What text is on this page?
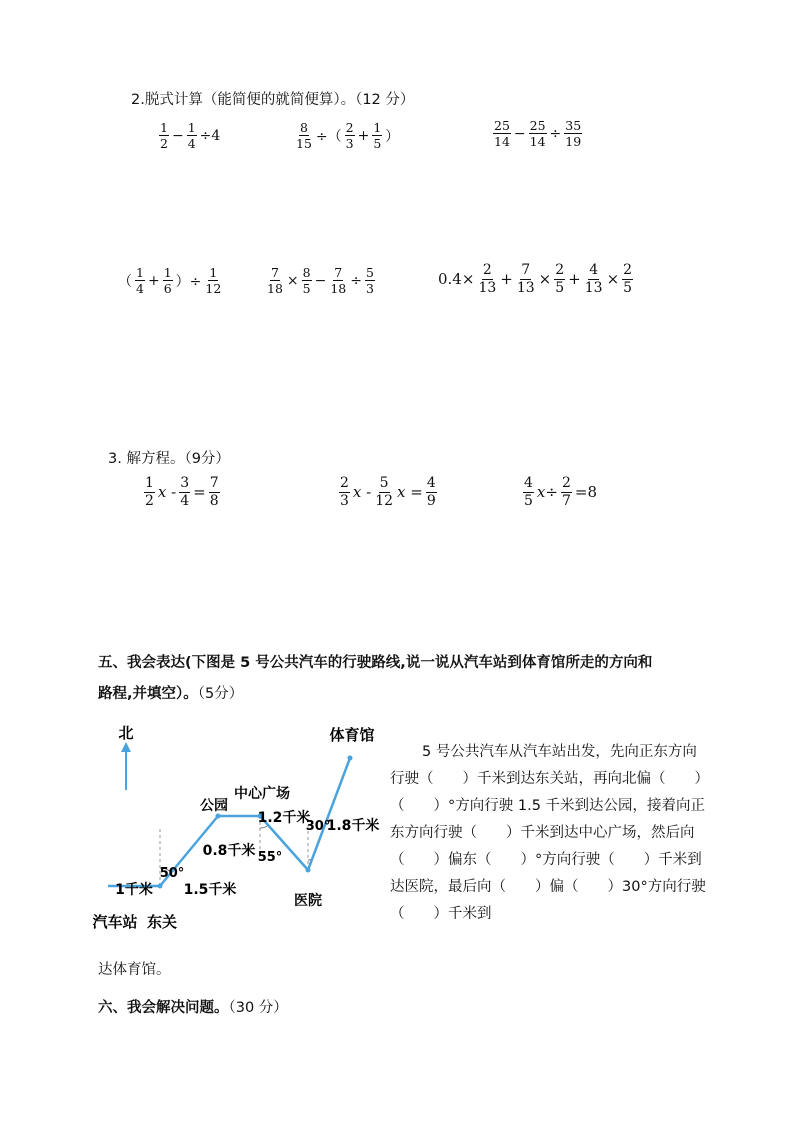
2.脱式计算（能简便的就简便算）。（12 分）
$\frac{1}{2} - \frac{1}{4} \div 4$	$\frac{8}{15}$ ÷（ $\frac{2}{3} + \frac{1}{5}$ ）	$\frac{25}{14} - \frac{25}{14} \div \frac{35}{19}$
（ $\frac{1}{4} + \frac{1}{6}$ ）÷ $\frac{1}{12}$	$\frac{7}{18} \times \frac{8}{5} - \frac{7}{18} \div \frac{5}{3}$	$0.4\times \frac{2}{13} + \frac{7}{13} \times \frac{2}{5} + \frac{4}{13} \times \frac{2}{5}$
3. 解方程。（9分）
$\frac{1}{2}$ $x - \frac{3}{4} = \frac{7}{8}$	$\frac{2}{3}$ x - $\frac{5}{12}$ $x = \frac{4}{9}$	$\frac{4}{5} x\div \frac{2}{7} =8$
五、我会表达(下图是 5 号公共汽车的行驶路线,说一说从汽车站到体育馆所走的方向和
路程,并填空）。（5分）
北	体育馆
中心广场
公园
医院
汽车站 东关
1千米 1.5千米
0.8千米
1.2千米 1.8千米
50°
55°
30°
5 号公共汽车从汽车站出发，先向正东方向行驶（　　）千米到达东关站，再向北偏（　　）（　　）°方向行驶 1.5 千米到达公园，接着向正东方向行驶（　　）千米到达中心广场，然后向（　　）偏东（　　）°方向行驶（　　）千米到达医院，最后向（　　）偏（　　）30°方向行驶（　　）千米到
达体育馆。
六、我会解决问题。（30 分）
